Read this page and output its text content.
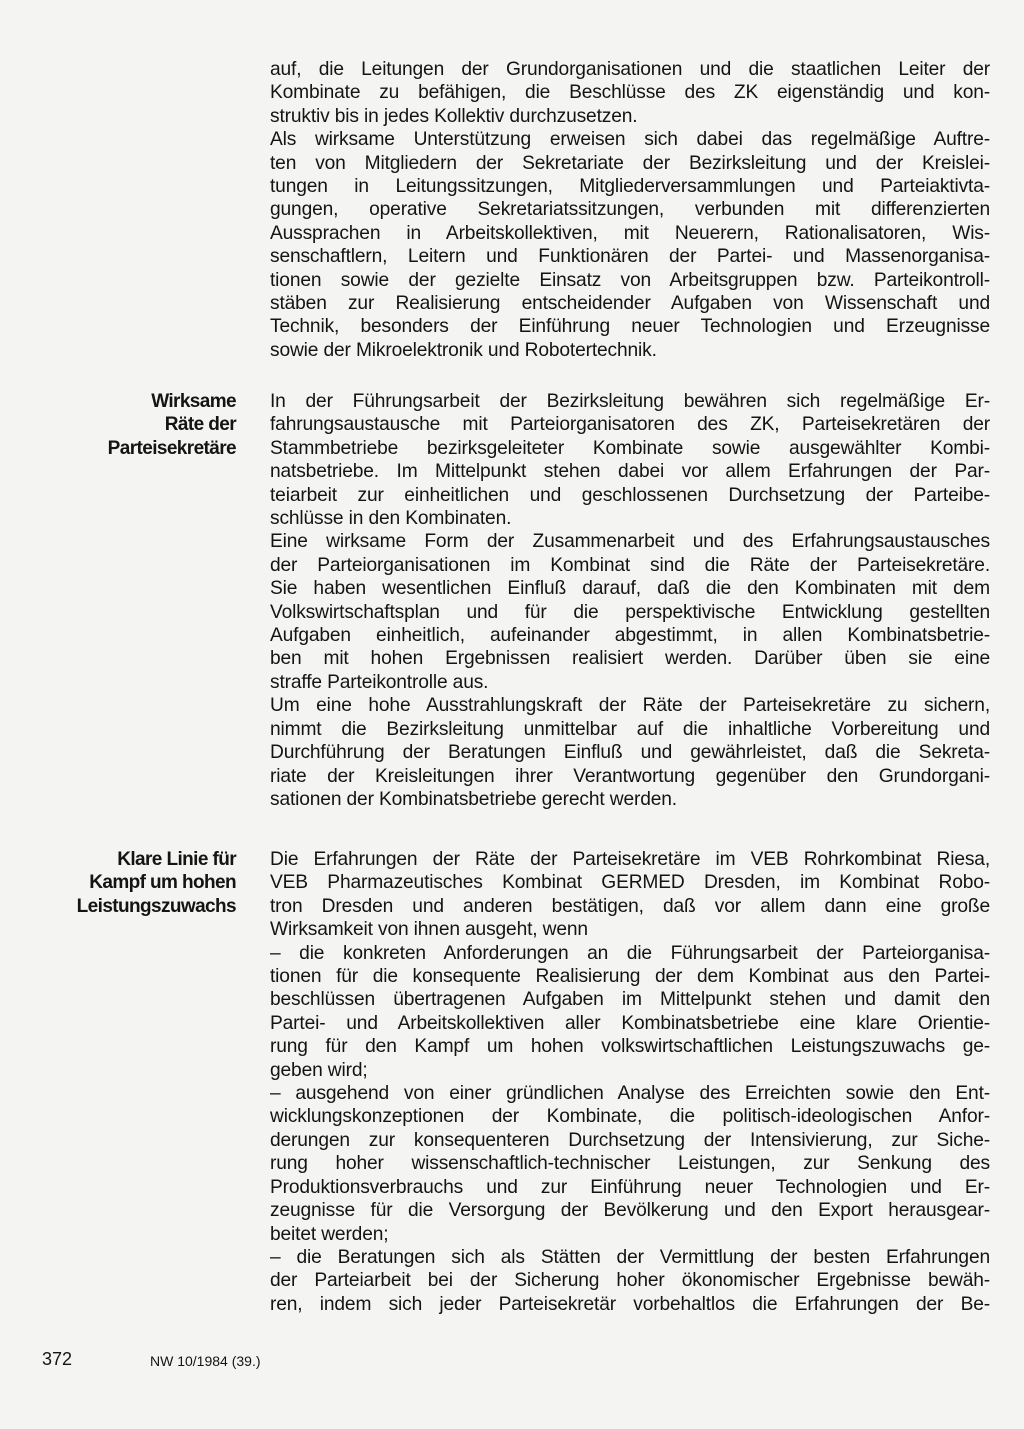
auf, die Leitungen der Grundorganisationen und die staatlichen Leiter der
Kombinate zu befähigen, die Beschlüsse des ZK eigenständig und kon-
struktiv bis in jedes Kollektiv durchzusetzen.
Als wirksame Unterstützung erweisen sich dabei das regelmäßige Auftre-
ten von Mitgliedern der Sekretariate der Bezirksleitung und der Kreislei-
tungen in Leitungssitzungen, Mitgliederversammlungen und Parteiaktivta-
gungen, operative Sekretariatssitzungen, verbunden mit differenzierten
Aussprachen in Arbeitskollektiven, mit Neuerern, Rationalisatoren, Wis-
senschaftlern, Leitern und Funktionären der Partei- und Massenorganisa-
tionen sowie der gezielte Einsatz von Arbeitsgruppen bzw. Parteikontroll-
stäben zur Realisierung entscheidender Aufgaben von Wissenschaft und
Technik, besonders der Einführung neuer Technologien und Erzeugnisse
sowie der Mikroelektronik und Robotertechnik.
Wirksame
Räte der
Parteisekretäre
In der Führungsarbeit der Bezirksleitung bewähren sich regelmäßige Er-
fahrungsaustausche mit Parteiorganisatoren des ZK, Parteisekretären der
Stammbetriebe bezirksgeleiteter Kombinate sowie ausgewählter Kombi-
natsbetriebe. Im Mittelpunkt stehen dabei vor allem Erfahrungen der Par-
teiarbeit zur einheitlichen und geschlossenen Durchsetzung der Parteibe-
schlüsse in den Kombinaten.
Eine wirksame Form der Zusammenarbeit und des Erfahrungsaustausches
der Parteiorganisationen im Kombinat sind die Räte der Parteisekretäre.
Sie haben wesentlichen Einfluß darauf, daß die den Kombinaten mit dem
Volkswirtschaftsplan und für die perspektivische Entwicklung gestellten
Aufgaben einheitlich, aufeinander abgestimmt, in allen Kombinatsbetrie-
ben mit hohen Ergebnissen realisiert werden. Darüber üben sie eine
straffe Parteikontrolle aus.
Um eine hohe Ausstrahlungskraft der Räte der Parteisekretäre zu sichern,
nimmt die Bezirksleitung unmittelbar auf die inhaltliche Vorbereitung und
Durchführung der Beratungen Einfluß und gewährleistet, daß die Sekreta-
riate der Kreisleitungen ihrer Verantwortung gegenüber den Grundorgani-
sationen der Kombinatsbetriebe gerecht werden.
Klare Linie für
Kampf um hohen
Leistungszuwachs
Die Erfahrungen der Räte der Parteisekretäre im VEB Rohrkombinat Riesa,
VEB Pharmazeutisches Kombinat GERMED Dresden, im Kombinat Robo-
tron Dresden und anderen bestätigen, daß vor allem dann eine große
Wirksamkeit von ihnen ausgeht, wenn
– die konkreten Anforderungen an die Führungsarbeit der Parteiorganisa-
tionen für die konsequente Realisierung der dem Kombinat aus den Partei-
beschlüssen übertragenen Aufgaben im Mittelpunkt stehen und damit den
Partei- und Arbeitskollektiven aller Kombinatsbetriebe eine klare Orientie-
rung für den Kampf um hohen volkswirtschaftlichen Leistungszuwachs ge-
geben wird;
– ausgehend von einer gründlichen Analyse des Erreichten sowie den Ent-
wicklungskonzeptionen der Kombinate, die politisch-ideologischen Anfor-
derungen zur konsequenteren Durchsetzung der Intensivierung, zur Siche-
rung hoher wissenschaftlich-technischer Leistungen, zur Senkung des
Produktionsverbrauchs und zur Einführung neuer Technologien und Er-
zeugnisse für die Versorgung der Bevölkerung und den Export herausgear-
beitet werden;
– die Beratungen sich als Stätten der Vermittlung der besten Erfahrungen
der Parteiarbeit bei der Sicherung hoher ökonomischer Ergebnisse bewäh-
ren, indem sich jeder Parteisekretär vorbehaltlos die Erfahrungen der Be-
372	NW 10/1984 (39.)
